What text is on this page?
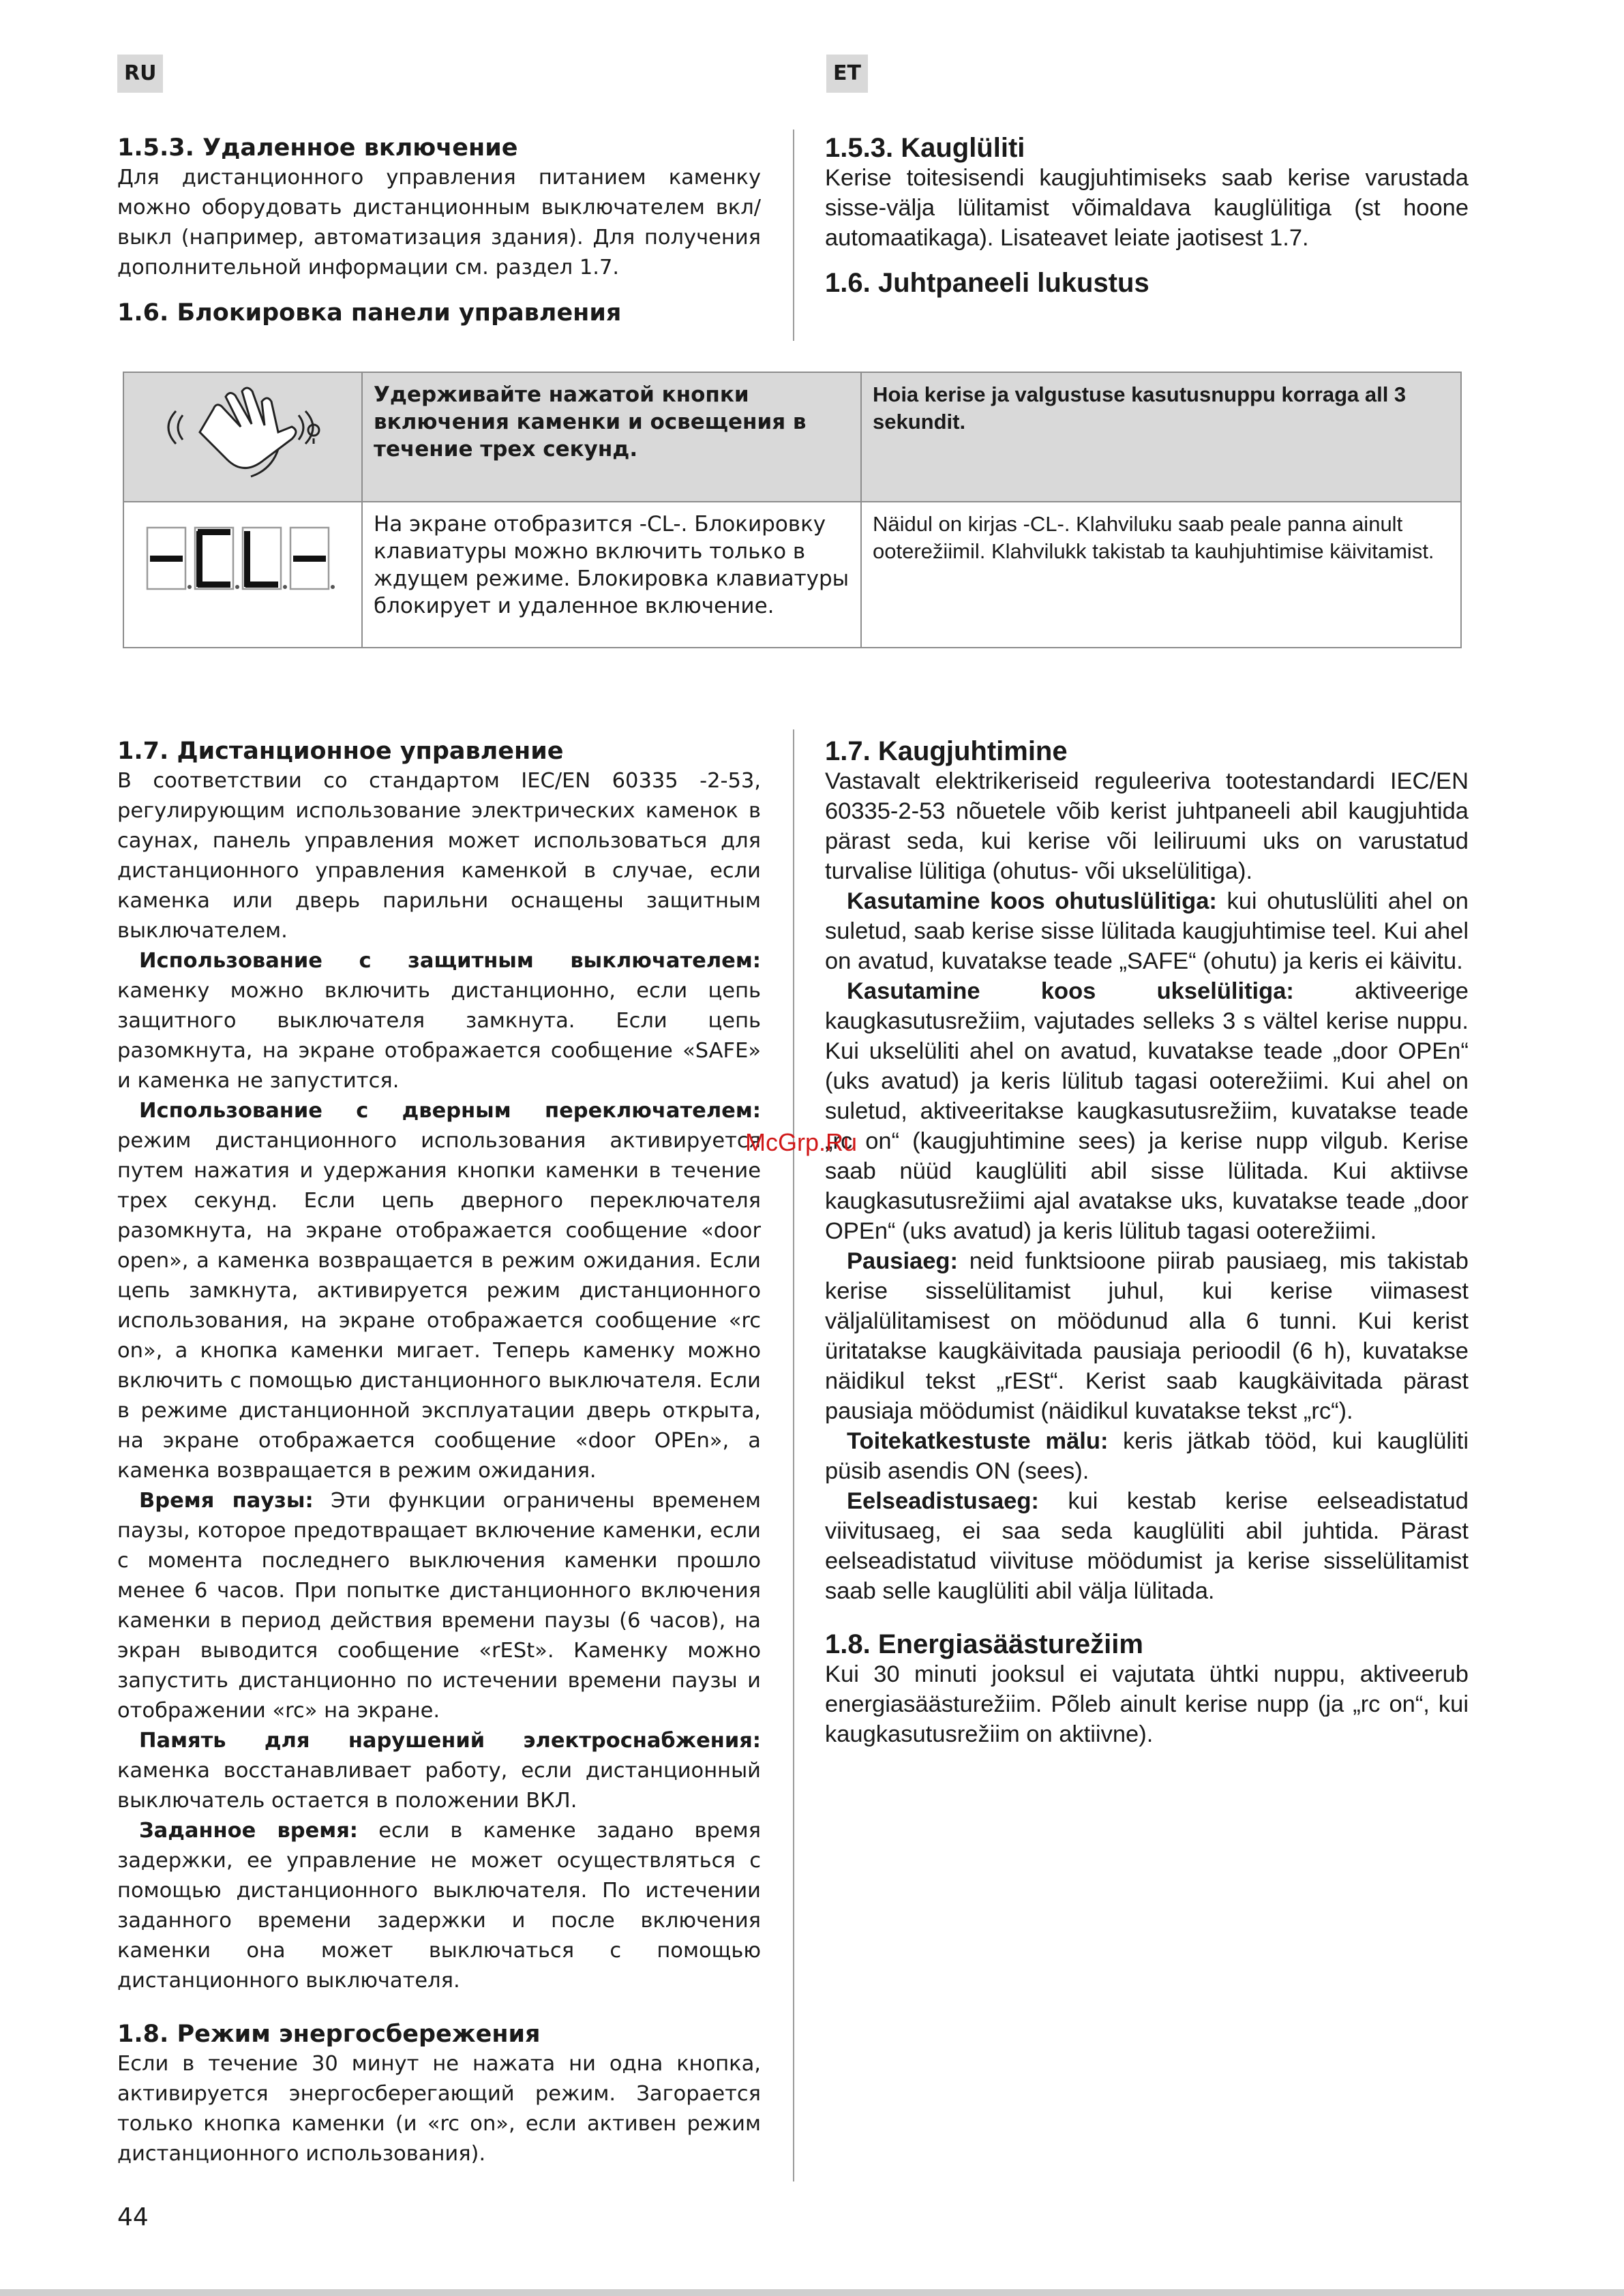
RU	ET

1.5.3. Удаленное включение

Для дистанционного управления питанием каменку можно оборудовать дистанционным выключателем вкл/выкл (например, автоматизация здания). Для получения дополнительной информации см. раздел 1.7.

1.6. Блокировка панели управления

1.5.3. Kauglüliti

Kerise toitesisendi kaugjuhtimiseks saab kerise varustada sisse-välja lülitamist võimaldava kauglülitiga (st hoone automaatikaga). Lisateavet leiate jaotisest 1.7.

1.6. Juhtpaneeli lukustus

Удерживайте нажатой кнопки включения каменки и освещения в течение трех секунд.	Hoia kerise ja valgustuse kasutusnuppu korraga all 3 sekundit.

На экране отобразится -CL-. Блокировку клавиатуры можно включить только в ждущем режиме. Блокировка клавиатуры блокирует и удаленное включение.	Näidul on kirjas -CL-. Klahviluku saab peale panna ainult ooterežiimil. Klahvilukk takistab ta kauhjuhtimise käivitamist.

1.7. Дистанционное управление

В соответствии со стандартом IEC/EN 60335 -2-53, регулирующим использование электрических каменок в саунах, панель управления может использоваться для дистанционного управления каменкой в случае, если каменка или дверь парильни оснащены защитным выключателем.

Использование с защитным выключателем: каменку можно включить дистанционно, если цепь защитного выключателя замкнута. Если цепь разомкнута, на экране отображается сообщение «SAFE» и каменка не запустится.

Использование с дверным переключателем: режим дистанционного использования активируется путем нажатия и удержания кнопки каменки в течение трех секунд. Если цепь дверного переключателя разомкнута, на экране отображается сообщение «door open», а каменка возвращается в режим ожидания. Если цепь замкнута, активируется режим дистанционного использования, на экране отображается сообщение «rc on», а кнопка каменки мигает. Теперь каменку можно включить с помощью дистанционного выключателя. Если в режиме дистанционной эксплуатации дверь открыта, на экране отображается сообщение «door OPEn», а каменка возвращается в режим ожидания.

Время паузы: Эти функции ограничены временем паузы, которое предотвращает включение каменки, если с момента последнего выключения каменки прошло менее 6 часов. При попытке дистанционного включения каменки в период действия времени паузы (6 часов), на экран выводится сообщение «rESt». Каменку можно запустить дистанционно по истечении времени паузы и отображении «rc» на экране.

Память для нарушений электроснабжения: каменка восстанавливает работу, если дистанционный выключатель остается в положении ВКЛ.

Заданное время: если в каменке задано время задержки, ее управление не может осуществляться с помощью дистанционного выключателя. По истечении заданного времени задержки и после включения каменки она может выключаться с помощью дистанционного выключателя.

1.8. Режим энергосбережения

Если в течение 30 минут не нажата ни одна кнопка, активируется энергосберегающий режим. Загорается только кнопка каменки (и «rc on», если активен режим дистанционного использования).

1.7. Kaugjuhtimine

Vastavalt elektrikeriseid reguleeriva tootestandardi IEC/EN 60335-2-53 nõuetele võib kerist juhtpaneeli abil kaugjuhtida pärast seda, kui kerise või leiliruumi uks on varustatud turvalise lülitiga (ohutus- või ukselülitiga).

Kasutamine koos ohutuslülitiga: kui ohutuslüliti ahel on suletud, saab kerise sisse lülitada kaugjuhtimise teel. Kui ahel on avatud, kuvatakse teade „SAFE“ (ohutu) ja keris ei käivitu.

Kasutamine koos ukselülitiga: aktiveerige kaugkasutusrežiim, vajutades selleks 3 s vältel kerise nuppu. Kui ukselüliti ahel on avatud, kuvatakse teade „door OPEn“ (uks avatud) ja keris lülitub tagasi ooterežiimi. Kui ahel on suletud, aktiveeritakse kaugkasutusrežiim, kuvatakse teade „rc on“ (kaugjuhtimine sees) ja kerise nupp vilgub. Kerise saab nüüd kauglüliti abil sisse lülitada. Kui aktiivse kaugkasutusrežiimi ajal avatakse uks, kuvatakse teade „door OPEn“ (uks avatud) ja keris lülitub tagasi ooterežiimi.

Pausiaeg: neid funktsioone piirab pausiaeg, mis takistab kerise sisselülitamist juhul, kui kerise viimasest väljalülitamisest on möödunud alla 6 tunni. Kui kerist üritatakse kaugkäivitada pausiaja perioodil (6 h), kuvatakse näidikul tekst „rESt“. Kerist saab kaugkäivitada pärast pausiaja möödumist (näidikul kuvatakse tekst „rc“).

Toitekatkestuste mälu: keris jätkab tööd, kui kauglüliti püsib asendis ON (sees).

Eelseadistusaeg: kui kestab kerise eelseadistatud viivitusaeg, ei saa seda kauglüliti abil juhtida. Pärast eelseadistatud viivituse möödumist ja kerise sisselülitamist saab selle kauglüliti abil välja lülitada.

1.8. Energiasäästurežiim

Kui 30 minuti jooksul ei vajutata ühtki nuppu, aktiveerub energiasäästurežiim. Põleb ainult kerise nupp (ja „rc on“, kui kaugkasutusrežiim on aktiivne).

McGrp.Ru
44
